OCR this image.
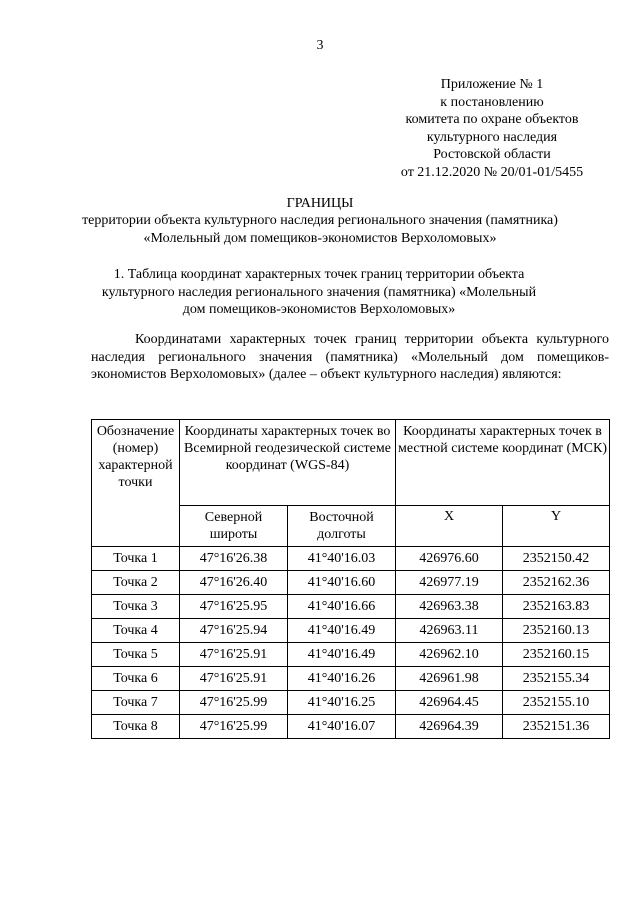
3
Приложение № 1
к постановлению
комитета по охране объектов
культурного наследия
Ростовской области
от 21.12.2020 № 20/01-01/5455
ГРАНИЦЫ
территории объекта культурного наследия регионального значения (памятника)
«Молельный дом помещиков-экономистов Верхоломовых»
1. Таблица координат характерных точек границ территории объекта культурного наследия регионального значения (памятника) «Молельный дом помещиков-экономистов Верхоломовых»
Координатами характерных точек границ территории объекта культурного наследия регионального значения (памятника) «Молельный дом помещиков-экономистов Верхоломовых» (далее – объект культурного наследия) являются:
Обозначение (номер) характерной точки	Координаты характерных точек во Всемирной геодезической системе координат (WGS-84)		Координаты характерных точек в местной системе координат (МСК)	
	Северной широты	Восточной долготы	X	Y
Точка 1	47°16'26.38	41°40'16.03	426976.60	2352150.42
Точка 2	47°16'26.40	41°40'16.60	426977.19	2352162.36
Точка 3	47°16'25.95	41°40'16.66	426963.38	2352163.83
Точка 4	47°16'25.94	41°40'16.49	426963.11	2352160.13
Точка 5	47°16'25.91	41°40'16.49	426962.10	2352160.15
Точка 6	47°16'25.91	41°40'16.26	426961.98	2352155.34
Точка 7	47°16'25.99	41°40'16.25	426964.45	2352155.10
Точка 8	47°16'25.99	41°40'16.07	426964.39	2352151.36
